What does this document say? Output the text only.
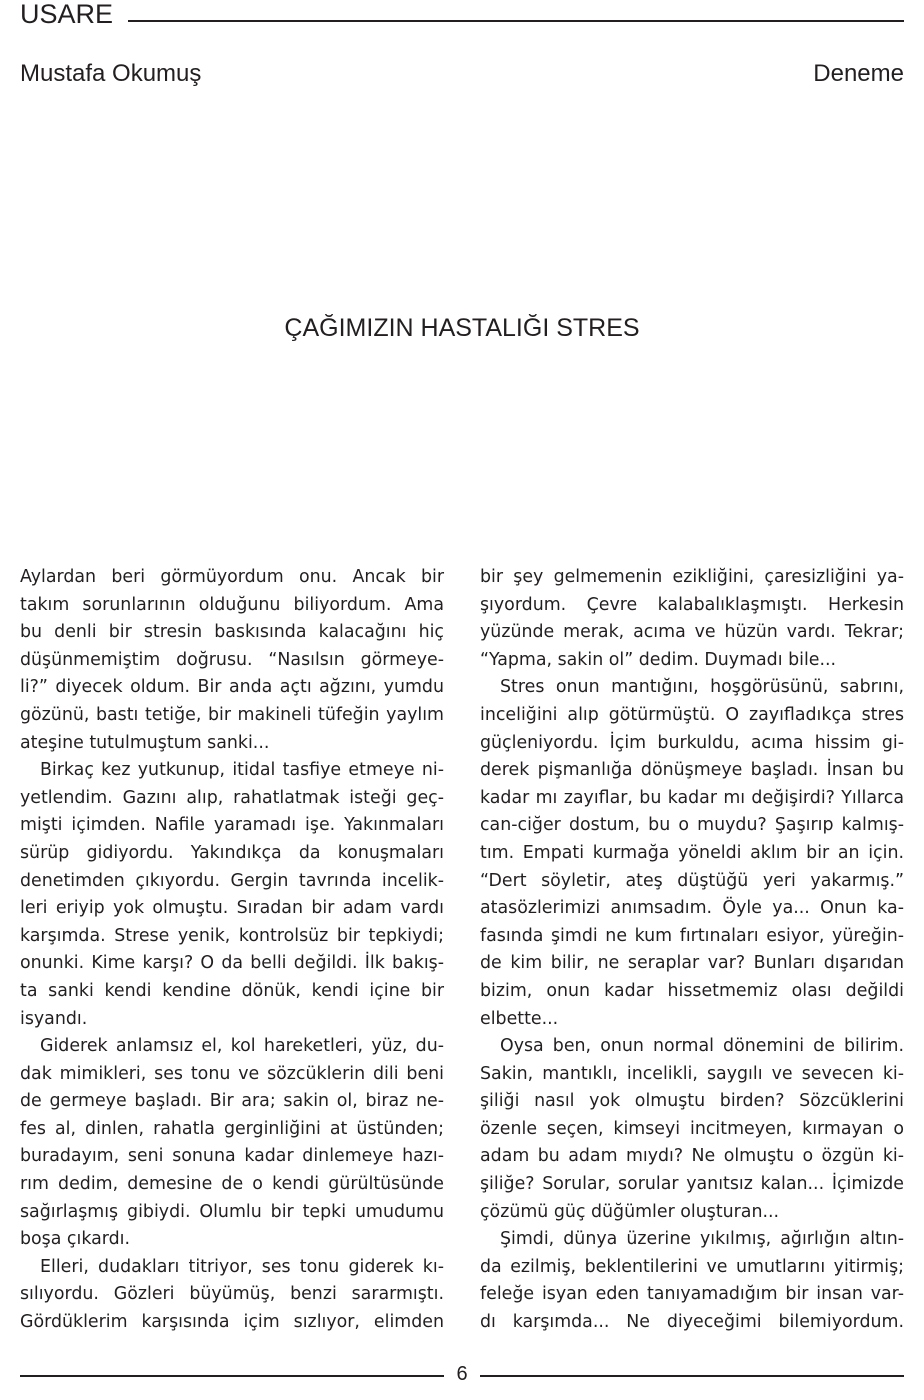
USARE
Mustafa Okumuş	Deneme
ÇAĞIMIZIN HASTALIĞI STRES

Aylardan beri görmüyordum onu. Ancak bir
takım sorunlarının olduğunu biliyordum. Ama
bu denli bir stresin baskısında kalacağını hiç
düşünmemiştim doğrusu. “Nasılsın görmeye-
li?” diyecek oldum. Bir anda açtı ağzını, yumdu
gözünü, bastı tetiğe, bir makineli tüfeğin yaylım
ateşine tutulmuştum sanki...

Birkaç kez yutkunup, itidal tasfiye etmeye ni-
yetlendim. Gazını alıp, rahatlatmak isteği geç-
mişti içimden. Nafile yaramadı işe. Yakınmaları
sürüp gidiyordu. Yakındıkça da konuşmaları
denetimden çıkıyordu. Gergin tavrında incelik-
leri eriyip yok olmuştu. Sıradan bir adam vardı
karşımda. Strese yenik, kontrolsüz bir tepkiydi;
onunki. Kime karşı? O da belli değildi. İlk bakış-
ta sanki kendi kendine dönük, kendi içine bir
isyandı.

Giderek anlamsız el, kol hareketleri, yüz, du-
dak mimikleri, ses tonu ve sözcüklerin dili beni
de germeye başladı. Bir ara; sakin ol, biraz ne-
fes al, dinlen, rahatla gerginliğini at üstünden;
buradayım, seni sonuna kadar dinlemeye hazı-
rım dedim, demesine de o kendi gürültüsünde
sağırlaşmış gibiydi. Olumlu bir tepki umudumu
boşa çıkardı.

Elleri, dudakları titriyor, ses tonu giderek kı-
sılıyordu. Gözleri büyümüş, benzi sararmıştı.
Gördüklerim karşısında içim sızlıyor, elimden

bir şey gelmemenin ezikliğini, çaresizliğini ya-
şıyordum. Çevre kalabalıklaşmıştı. Herkesin
yüzünde merak, acıma ve hüzün vardı. Tekrar;
“Yapma, sakin ol” dedim. Duymadı bile...

Stres onun mantığını, hoşgörüsünü, sabrını,
inceliğini alıp götürmüştü. O zayıfladıkça stres
güçleniyordu. İçim burkuldu, acıma hissim gi-
derek pişmanlığa dönüşmeye başladı. İnsan bu
kadar mı zayıflar, bu kadar mı değişirdi? Yıllarca
can-ciğer dostum, bu o muydu? Şaşırıp kalmış-
tım. Empati kurmağa yöneldi aklım bir an için.
“Dert söyletir, ateş düştüğü yeri yakarmış.”
atasözlerimizi anımsadım. Öyle ya... Onun ka-
fasında şimdi ne kum fırtınaları esiyor, yüreğin-
de kim bilir, ne seraplar var? Bunları dışarıdan
bizim, onun kadar hissetmemiz olası değildi
elbette...

Oysa ben, onun normal dönemini de bilirim.
Sakin, mantıklı, incelikli, saygılı ve sevecen ki-
şiliği nasıl yok olmuştu birden? Sözcüklerini
özenle seçen, kimseyi incitmeyen, kırmayan o
adam bu adam mıydı? Ne olmuştu o özgün ki-
şiliğe? Sorular, sorular yanıtsız kalan... İçimizde
çözümü güç düğümler oluşturan...

Şimdi, dünya üzerine yıkılmış, ağırlığın altın-
da ezilmiş, beklentilerini ve umutlarını yitirmiş;
feleğe isyan eden tanıyamadığım bir insan var-
dı karşımda... Ne diyeceğimi bilemiyordum.

6
